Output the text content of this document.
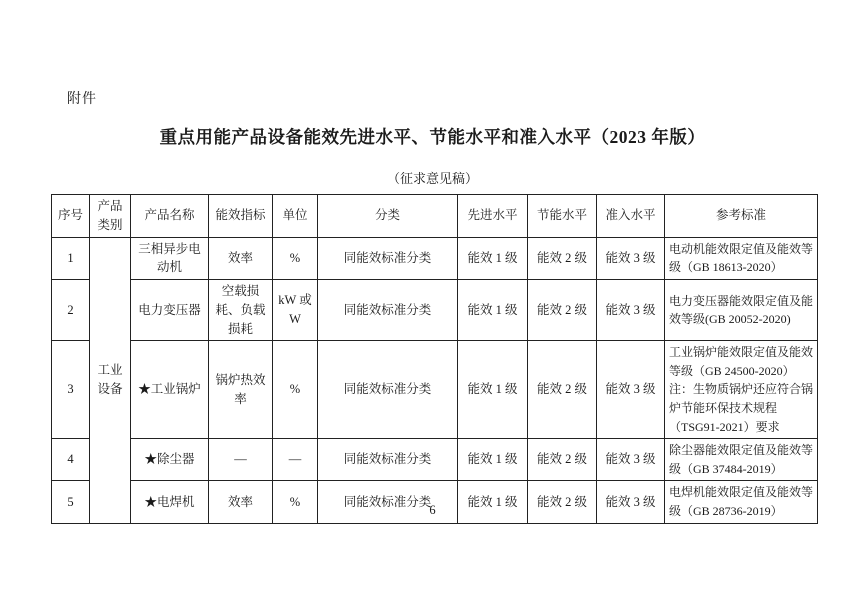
附件
重点用能产品设备能效先进水平、节能水平和准入水平（2023 年版）
（征求意见稿）
序号	产品类别	产品名称	能效指标	单位	分类	先进水平	节能水平	准入水平	参考标准
1	工业设备	三相异步电动机	效率	%	同能效标准分类	能效 1 级	能效 2 级	能效 3 级	电动机能效限定值及能效等级（GB 18613-2020）
2		电力变压器	空载损耗、负载损耗	kW 或 W	同能效标准分类	能效 1 级	能效 2 级	能效 3 级	电力变压器能效限定值及能效等级(GB 20052-2020)
3		★工业锅炉	锅炉热效率	%	同能效标准分类	能效 1 级	能效 2 级	能效 3 级	工业锅炉能效限定值及能效等级（GB 24500-2020）注：生物质锅炉还应符合锅炉节能环保技术规程（TSG91-2021）要求
4		★除尘器	—	—	同能效标准分类	能效 1 级	能效 2 级	能效 3 级	除尘器能效限定值及能效等级（GB 37484-2019）
5		★电焊机	效率	%	同能效标准分类	能效 1 级	能效 2 级	能效 3 级	电焊机能效限定值及能效等级（GB 28736-2019）
6
